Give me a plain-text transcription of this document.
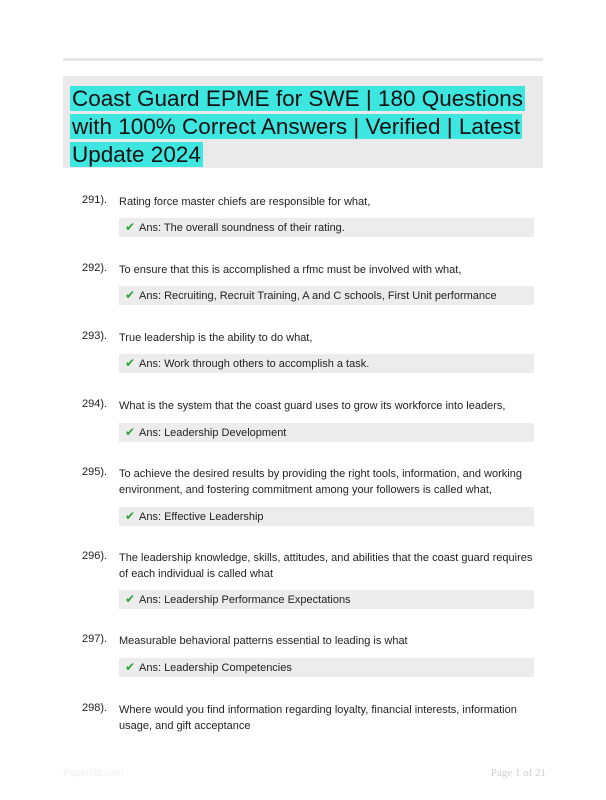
Coast Guard EPME for SWE | 180 Questions with 100% Correct Answers | Verified | Latest Update 2024
291). Rating force master chiefs are responsible for what,
✔ Ans: The overall soundness of their rating.
292). To ensure that this is accomplished a rfmc must be involved with what,
✔ Ans: Recruiting, Recruit Training, A and C schools, First Unit performance
293). True leadership is the ability to do what,
✔ Ans: Work through others to accomplish a task.
294). What is the system that the coast guard uses to grow its workforce into leaders,
✔ Ans: Leadership Development
295). To achieve the desired results by providing the right tools, information, and working environment, and fostering commitment among your followers is called what,
✔ Ans: Effective Leadership
296). The leadership knowledge, skills, attitudes, and abilities that the coast guard requires of each individual is called what
✔ Ans: Leadership Performance Expectations
297). Measurable behavioral patterns essential to leading is what
✔ Ans: Leadership Competencies
298). Where would you find information regarding loyalty, financial interests, information usage, and gift acceptance
Paperlibl.com	Page 1 of 21
